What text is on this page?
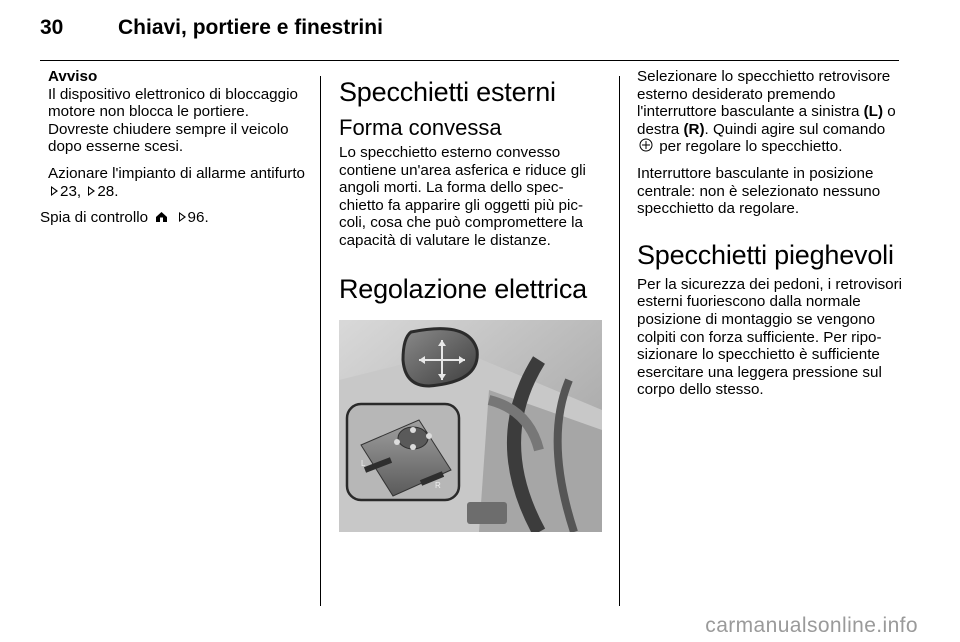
30	Chiavi, portiere e finestrini

Avviso

Il dispositivo elettronico di bloccaggio motore non blocca le portiere. Dovreste chiudere sempre il veicolo dopo esserne scesi.

Azionare l'impianto di allarme antifurto 23, 28.

Spia di controllo	96.

Specchietti esterni
Forma convessa

Lo specchietto esterno convesso contiene un'area asferica e riduce gli angoli morti. La forma dello specchietto fa apparire gli oggetti più piccoli, cosa che può compromettere la capacità di valutare le distanze.

Regolazione elettrica
L
R

Selezionare lo specchietto retrovisore esterno desiderato premendo l'interruttore basculante a sinistra (L) o destra (R). Quindi agire sul comando  per regolare lo specchietto.

Interruttore basculante in posizione centrale: non è selezionato nessuno specchietto da regolare.

Specchietti pieghevoli

Per la sicurezza dei pedoni, i retrovisori esterni fuoriescono dalla normale posizione di montaggio se vengono colpiti con forza sufficiente. Per riposizionare lo specchietto è sufficiente esercitare una leggera pressione sul corpo dello stesso.

carmanualsonline.info
